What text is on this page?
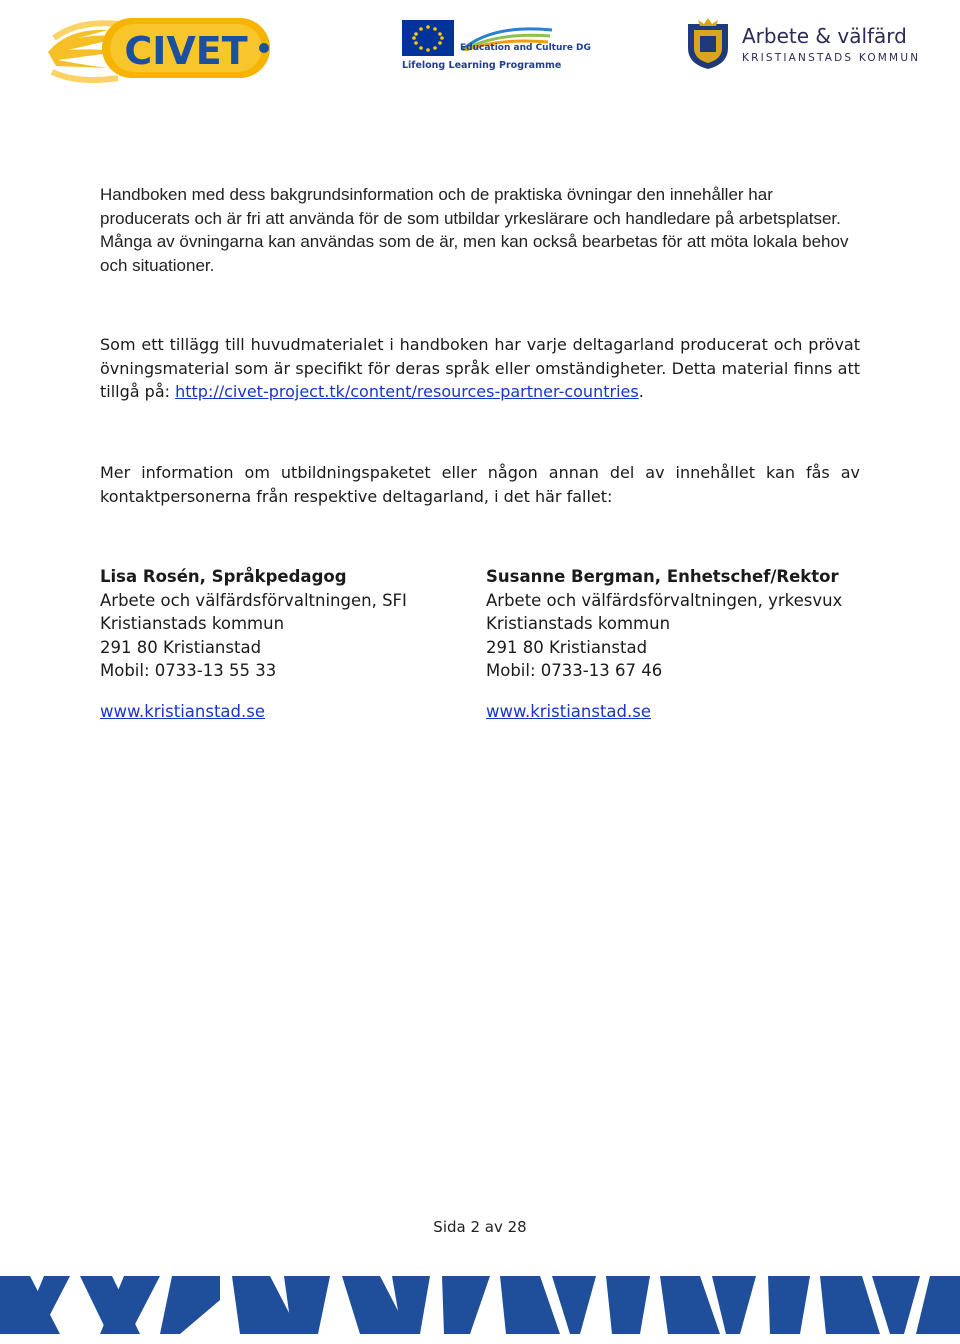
CIVET	Education and Culture DG
Lifelong Learning Programme
Arbete & välfärd
KRISTIANSTADS KOMMUN

Handboken med dess bakgrundsinformation och de praktiska övningar den innehåller har producerats och är fri att använda för de som utbildar yrkeslärare och handledare på arbetsplatser. Många av övningarna kan användas som de är, men kan också bearbetas för att möta lokala behov och situationer.

Som ett tillägg till huvudmaterialet i handboken har varje deltagarland producerat och prövat övningsmaterial som är specifikt för deras språk eller omständigheter. Detta material finns att tillgå på: http://civet-project.tk/content/resources-partner-countries.

Mer information om utbildningspaketet eller någon annan del av innehållet kan fås av kontaktpersonerna från respektive deltagarland, i det här fallet:

Lisa Rosén, Språkpedagog
Arbete och välfärdsförvaltningen, SFI
Kristianstads kommun
291 80 Kristianstad
Mobil: 0733-13 55 33
www.kristianstad.se
Susanne Bergman, Enhetschef/Rektor
Arbete och välfärdsförvaltningen, yrkesvux
Kristianstads kommun
291 80 Kristianstad
Mobil: 0733-13 67 46
www.kristianstad.se
Sida 2 av 28
